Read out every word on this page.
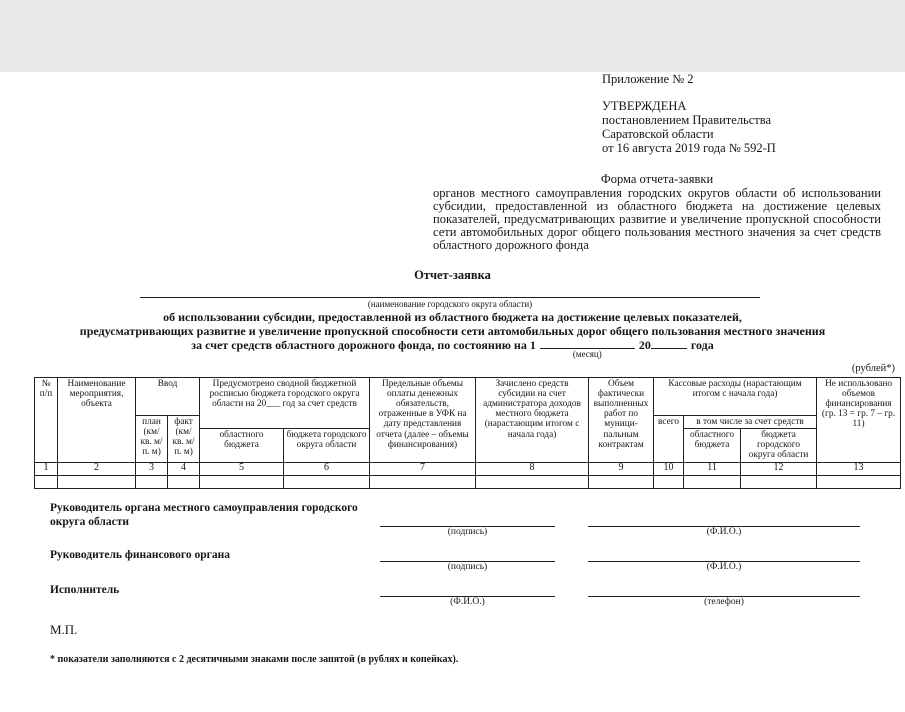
Приложение № 2
УТВЕРЖДЕНА
постановлением Правительства
Саратовской области
от 16 августа 2019 года № 592-П
Форма отчета-заявки
органов местного самоуправления городских округов области об использовании субсидии, предоставленной из областного бюджета на достижение целевых показателей, предусматривающих развитие и увеличение пропускной способности сети автомобильных дорог общего пользования местного значения за счет средств областного дорожного фонда
Отчет-заявка
(наименование городского округа области)
об использовании субсидии, предоставленной из областного бюджета на достижение целевых показателей,
предусматривающих развитие и увеличение пропускной способности сети автомобильных дорог общего пользования местного значения
за счет средств областного дорожного фонда, по состоянию на 1
(месяц)
20	года
(рублей*)
№ п/п	Наименование мероприятия, объекта	Ввод		Предусмотрено сводной бюджетной росписью бюджета городского округа области на 20___ год за счет средств		Предельные объемы оплаты денежных обязательств, отраженные в УФК на дату представления отчета (далее – объемы финансирования)	Зачислено средств субсидии на счет администратора доходов местного бюджета (нарастающим итогом с начала года)	Объем фактически выполненных работ по муници- пальным контрактам	Кассовые расходы (нарастающим итогом с начала года)			Не использовано объемов финансирования (гр. 13 = гр. 7 – гр. 11)
		план (км/ кв. м/ п. м)	факт (км/ кв. м/ п. м)						всего	в том числе за счет средств		
				областного бюджета	бюджета городского округа области					областного бюджета	бюджета городского округа области	
1	2	3	4	5	6	7	8	9	10	11	12	13

Руководитель органа местного самоуправления городского округа области
(подпись)	(Ф.И.О.)
Руководитель финансового органа
(подпись)	(Ф.И.О.)
Исполнитель
(Ф.И.О.)	(телефон)
М.П.
* показатели заполняются с 2 десятичными знаками после запятой (в рублях и копейках).
